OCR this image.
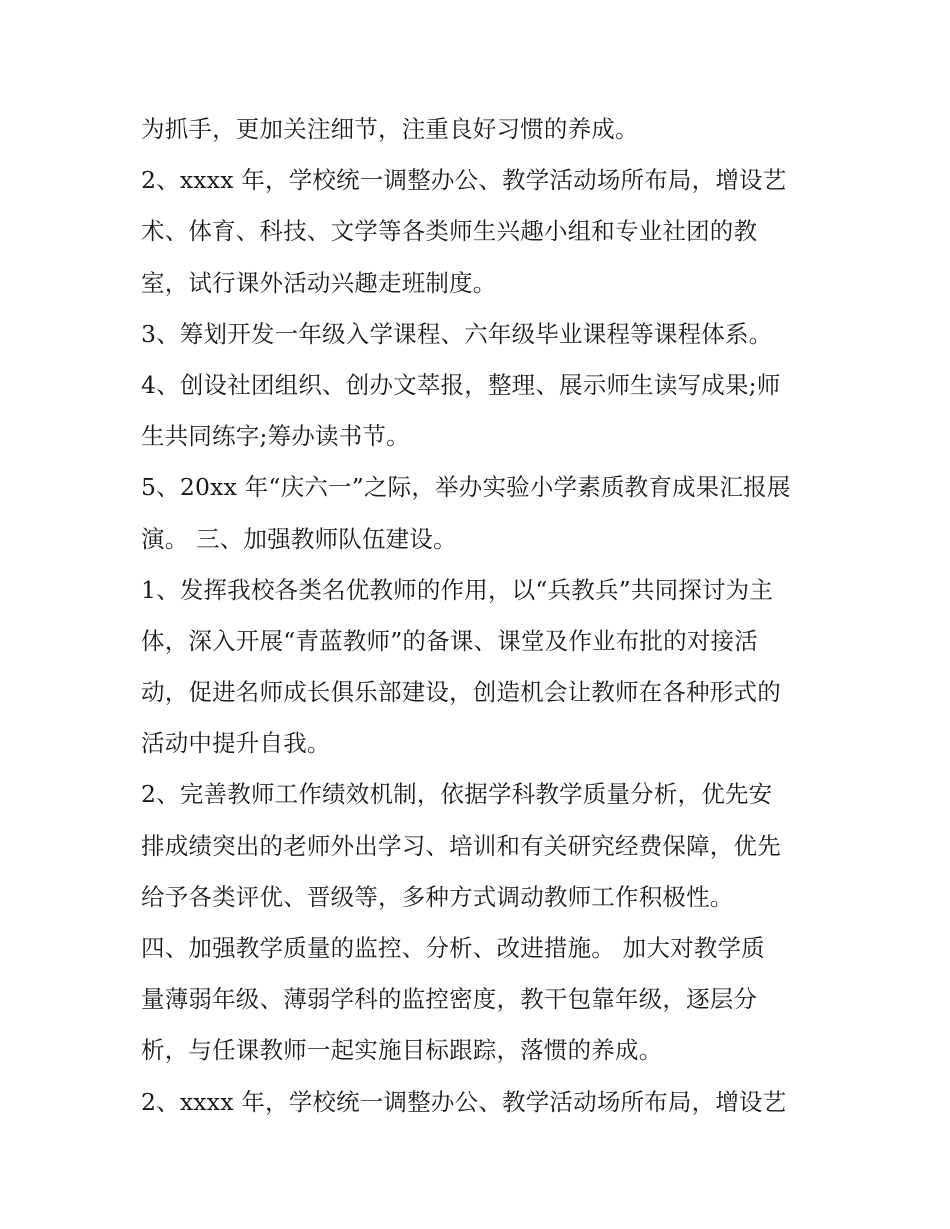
为抓手，更加关注细节，注重良好习惯的养成。
2、xxxx 年，学校统一调整办公、教学活动场所布局，增设艺
术、体育、科技、文学等各类师生兴趣小组和专业社团的教
室，试行课外活动兴趣走班制度。
3、筹划开发一年级入学课程、六年级毕业课程等课程体系。
4、创设社团组织、创办文萃报，整理、展示师生读写成果;师
生共同练字;筹办读书节。
5、20xx 年“庆六一”之际，举办实验小学素质教育成果汇报展
演。 三、加强教师队伍建设。
1、发挥我校各类名优教师的作用，以“兵教兵”共同探讨为主
体，深入开展“青蓝教师”的备课、课堂及作业布批的对接活
动，促进名师成长俱乐部建设，创造机会让教师在各种形式的
活动中提升自我。
2、完善教师工作绩效机制，依据学科教学质量分析，优先安
排成绩突出的老师外出学习、培训和有关研究经费保障，优先
给予各类评优、晋级等，多种方式调动教师工作积极性。
四、加强教学质量的监控、分析、改进措施。 加大对教学质
量薄弱年级、薄弱学科的监控密度，教干包靠年级，逐层分
析，与任课教师一起实施目标跟踪，落惯的养成。
2、xxxx 年，学校统一调整办公、教学活动场所布局，增设艺
